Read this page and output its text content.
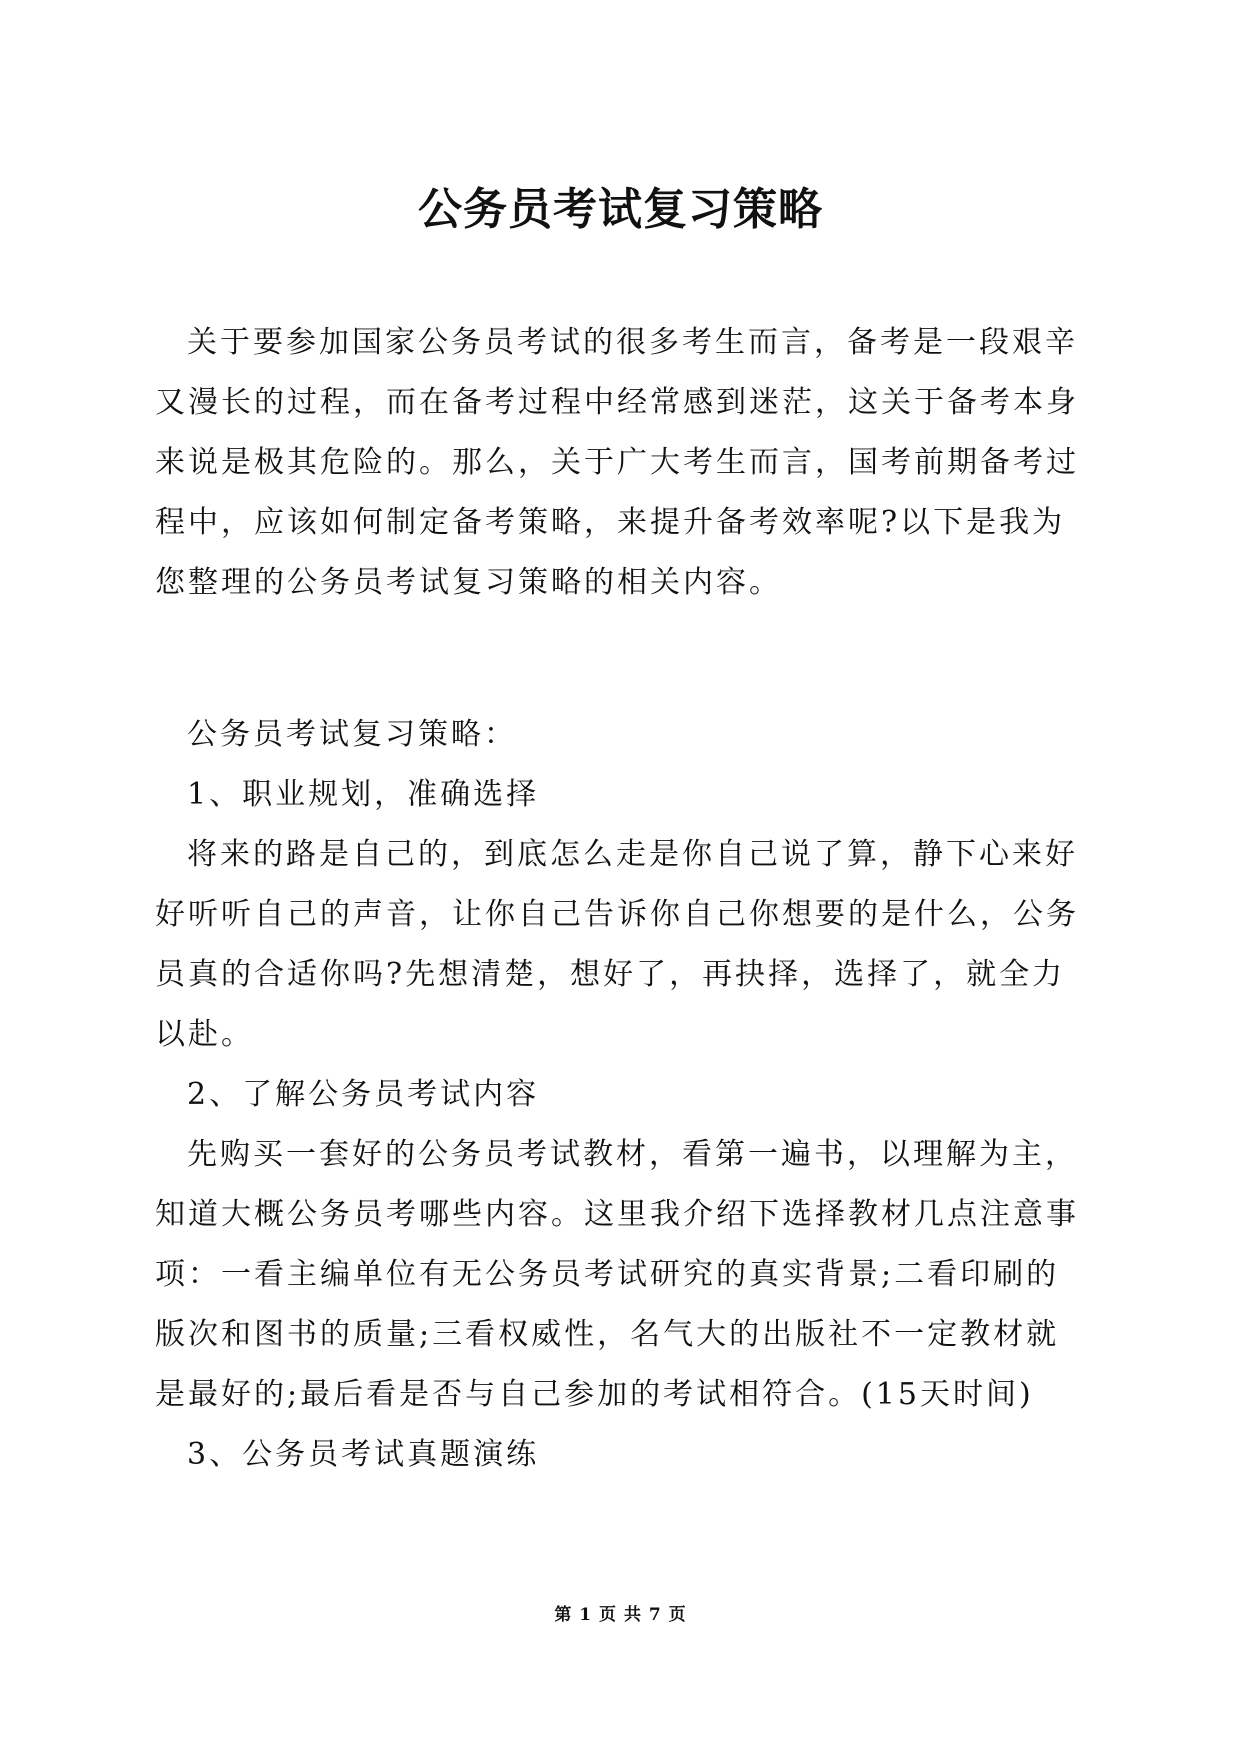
公务员考试复习策略

关于要参加国家公务员考试的很多考生而言，备考是一段艰辛又漫长的过程，而在备考过程中经常感到迷茫，这关于备考本身来说是极其危险的。那么，关于广大考生而言，国考前期备考过程中，应该如何制定备考策略，来提升备考效率呢?以下是我为您整理的公务员考试复习策略的相关内容。

公务员考试复习策略：

1、职业规划，准确选择

将来的路是自己的，到底怎么走是你自己说了算，静下心来好好听听自己的声音，让你自己告诉你自己你想要的是什么，公务员真的合适你吗?先想清楚，想好了，再抉择，选择了，就全力以赴。

2、了解公务员考试内容

先购买一套好的公务员考试教材，看第一遍书，以理解为主，知道大概公务员考哪些内容。这里我介绍下选择教材几点注意事项：一看主编单位有无公务员考试研究的真实背景;二看印刷的版次和图书的质量;三看权威性，名气大的出版社不一定教材就是最好的;最后看是否与自己参加的考试相符合。(15天时间)

3、公务员考试真题演练

第 1 页 共 7 页
